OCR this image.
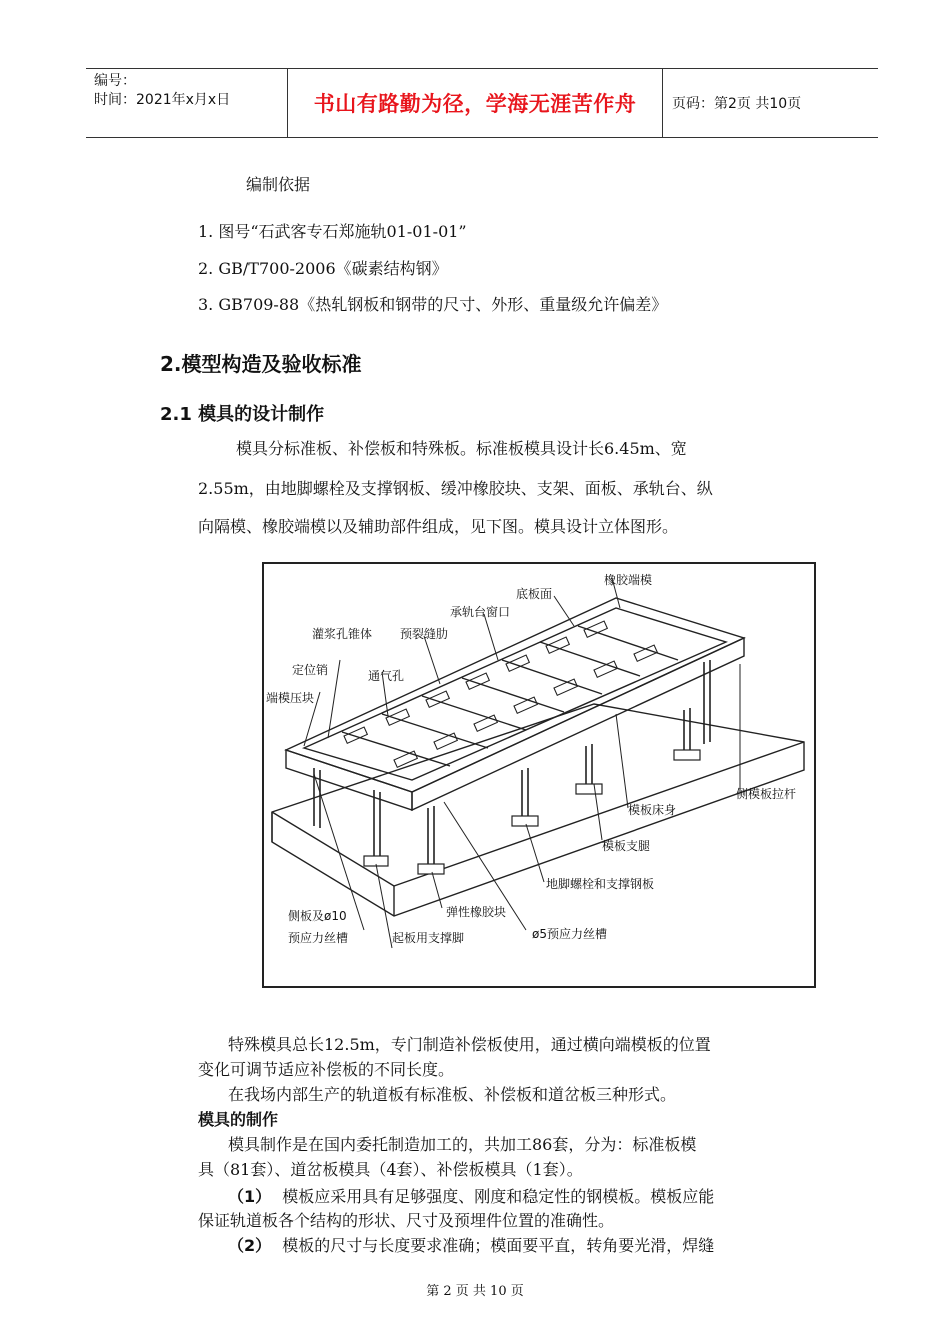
编号：
时间：2021年x月x日	书山有路勤为径，学海无涯苦作舟	页码：第2页 共10页
编制依据
1. 图号“石武客专石郑施轨01-01-01”
2. GB/T700-2006《碳素结构钢》
3. GB709-88《热轧钢板和钢带的尺寸、外形、重量级允许偏差》
2.模型构造及验收标准
2.1 模具的设计制作
模具分标准板、补偿板和特殊板。标准板模具设计长6.45m、宽
2.55m，由地脚螺栓及支撑钢板、缓冲橡胶块、支架、面板、承轨台、纵
向隔模、橡胶端模以及辅助部件组成，见下图。模具设计立体图形。
橡胶端模
底板面
承轨台窗口
灌浆孔锥体 预裂缝肋
定位销	通气孔
端模压块
侧模板拉杆
模板床身
模板支腿
地脚螺栓和支撑钢板
弹性橡胶块
侧板及ø10
预应力丝槽	起板用支撑脚	ø5预应力丝槽
特殊模具总长12.5m，专门制造补偿板使用，通过横向端模板的位置
变化可调节适应补偿板的不同长度。
在我场内部生产的轨道板有标准板、补偿板和道岔板三种形式。
模具的制作
模具制作是在国内委托制造加工的，共加工86套，分为：标准板模
具（81套）、道岔板模具（4套）、补偿板模具（1套）。
（1） 模板应采用具有足够强度、刚度和稳定性的钢模板。模板应能
保证轨道板各个结构的形状、尺寸及预埋件位置的准确性。
（2） 模板的尺寸与长度要求准确；模面要平直，转角要光滑，焊缝
第 2 页 共 10 页
